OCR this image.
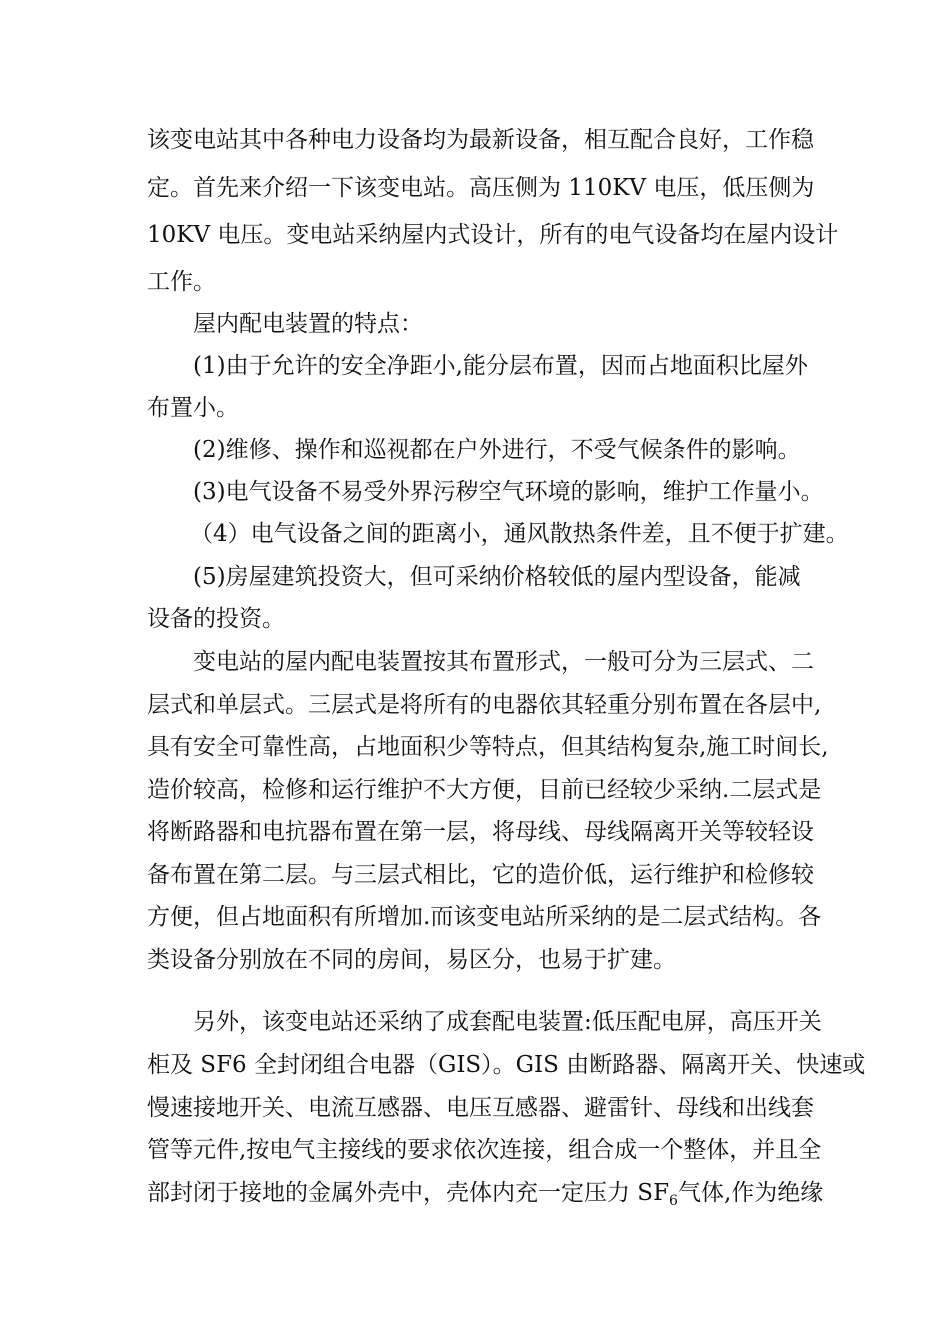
该变电站其中各种电力设备均为最新设备，相互配合良好，工作稳
定。首先来介绍一下该变电站。高压侧为 110KV 电压，低压侧为
10KV 电压。变电站采纳屋内式设计，所有的电气设备均在屋内设计
工作。
屋内配电装置的特点：
(1)由于允许的安全净距小,能分层布置，因而占地面积比屋外
布置小。
(2)维修、操作和巡视都在户外进行，不受气候条件的影响。
(3)电气设备不易受外界污秽空气环境的影响，维护工作量小。
（4）电气设备之间的距离小，通风散热条件差，且不便于扩建。
(5)房屋建筑投资大，但可采纳价格较低的屋内型设备，能减
设备的投资。
变电站的屋内配电装置按其布置形式，一般可分为三层式、二
层式和单层式。三层式是将所有的电器依其轻重分别布置在各层中,
具有安全可靠性高，占地面积少等特点，但其结构复杂,施工时间长,
造价较高，检修和运行维护不大方便，目前已经较少采纳.二层式是
将断路器和电抗器布置在第一层，将母线、母线隔离开关等较轻设
备布置在第二层。与三层式相比，它的造价低，运行维护和检修较
方便，但占地面积有所增加.而该变电站所采纳的是二层式结构。各
类设备分别放在不同的房间，易区分，也易于扩建。
另外，该变电站还采纳了成套配电装置:低压配电屏，高压开关
柜及 SF6 全封闭组合电器（GIS）。GIS 由断路器、隔离开关、快速或
慢速接地开关、电流互感器、电压互感器、避雷针、母线和出线套
管等元件,按电气主接线的要求依次连接，组合成一个整体，并且全
部封闭于接地的金属外壳中，壳体内充一定压力 $SF_6$气体,作为绝缘
